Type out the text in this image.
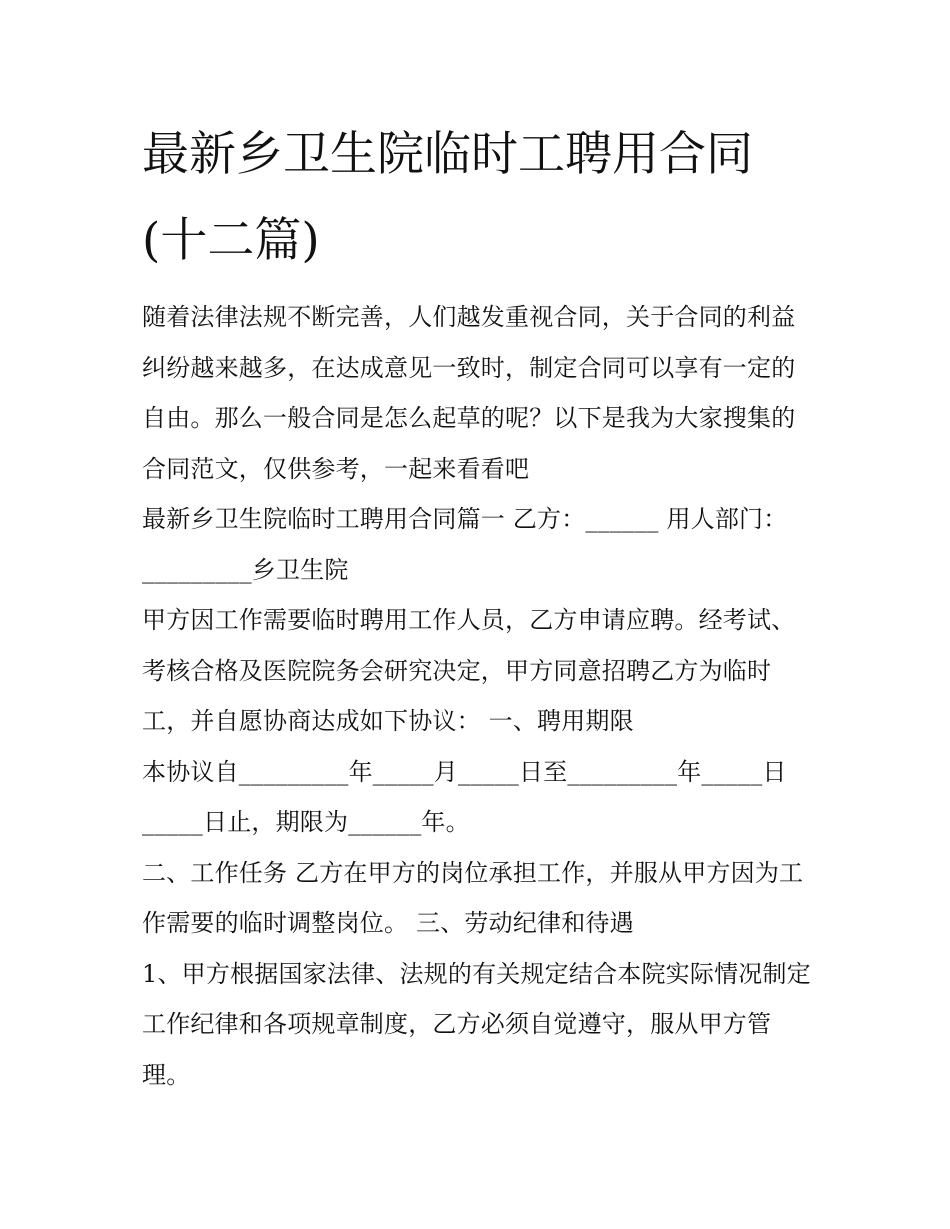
最新乡卫生院临时工聘用合同(十二篇)

随着法律法规不断完善，人们越发重视合同，关于合同的利益纠纷越来越多，在达成意见一致时，制定合同可以享有一定的自由。那么一般合同是怎么起草的呢？以下是我为大家搜集的合同范文，仅供参考，一起来看看吧

最新乡卫生院临时工聘用合同篇一 乙方：______ 用人部门：_________乡卫生院

甲方因工作需要临时聘用工作人员，乙方申请应聘。经考试、考核合格及医院院务会研究决定，甲方同意招聘乙方为临时工，并自愿协商达成如下协议： 一、聘用期限

本协议自_________年_____月_____日至_________年_____日_____日止，期限为______年。

二、工作任务 乙方在甲方的岗位承担工作，并服从甲方因为工作需要的临时调整岗位。 三、劳动纪律和待遇

1、甲方根据国家法律、法规的有关规定结合本院实际情况制定工作纪律和各项规章制度，乙方必须自觉遵守，服从甲方管理。
